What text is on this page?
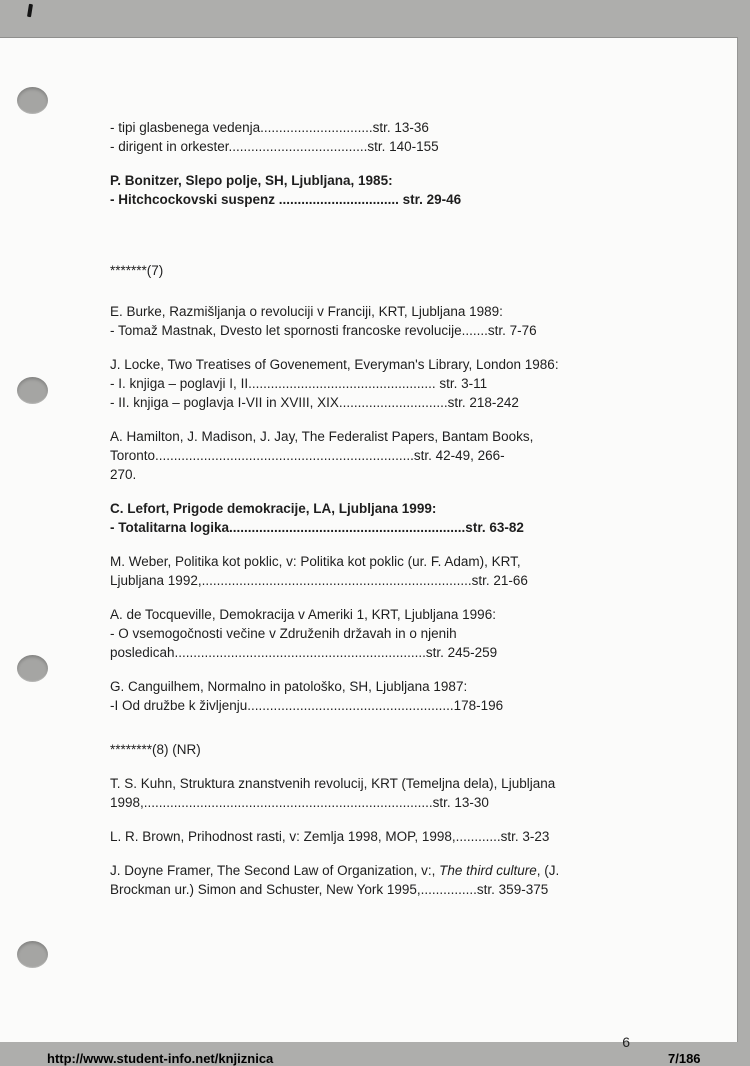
- tipi glasbenega vedenja..............................str. 13-36
- dirigent in orkester.....................................str. 140-155

P. Bonitzer, Slepo polje, SH, Ljubljana, 1985:
- Hitchcockovski suspenz ................................ str. 29-46

*******(7)

E. Burke, Razmišljanja o revoluciji v Franciji, KRT, Ljubljana 1989:
- Tomaž Mastnak, Dvesto let spornosti francoske revolucije.......str. 7-76

J. Locke, Two Treatises of Govenement, Everyman's Library, London 1986:
- I. knjiga – poglavji I, II.................................................. str. 3-11
- II. knjiga – poglavja I-VII in XVIII, XIX.............................str. 218-242

A. Hamilton, J. Madison, J. Jay, The Federalist Papers, Bantam Books,
Toronto.....................................................................str. 42-49, 266-
270.

C. Lefort, Prigode demokracije, LA, Ljubljana 1999:
- Totalitarna logika...............................................................str. 63-82

M. Weber, Politika kot poklic, v: Politika kot poklic (ur. F. Adam), KRT,
Ljubljana 1992,........................................................................str. 21-66

A. de Tocqueville, Demokracija v Ameriki 1, KRT, Ljubljana 1996:
- O vsemogočnosti večine v Združenih državah in o njenih
posledicah...................................................................str. 245-259

G. Canguilhem, Normalno in patološko, SH, Ljubljana 1987:
-I Od družbe k življenju.......................................................178-196

********(8) (NR)

T. S. Kuhn, Struktura znanstvenih revolucij, KRT (Temeljna dela), Ljubljana
1998,.............................................................................str. 13-30

L. R. Brown, Prihodnost rasti, v: Zemlja 1998, MOP, 1998,............str. 3-23

J. Doyne Framer, The Second Law of Organization, v:, The third culture, (J.
Brockman ur.) Simon and Schuster, New York 1995,...............str. 359-375

6
http://www.student-info.net/knjiznica	7/186
